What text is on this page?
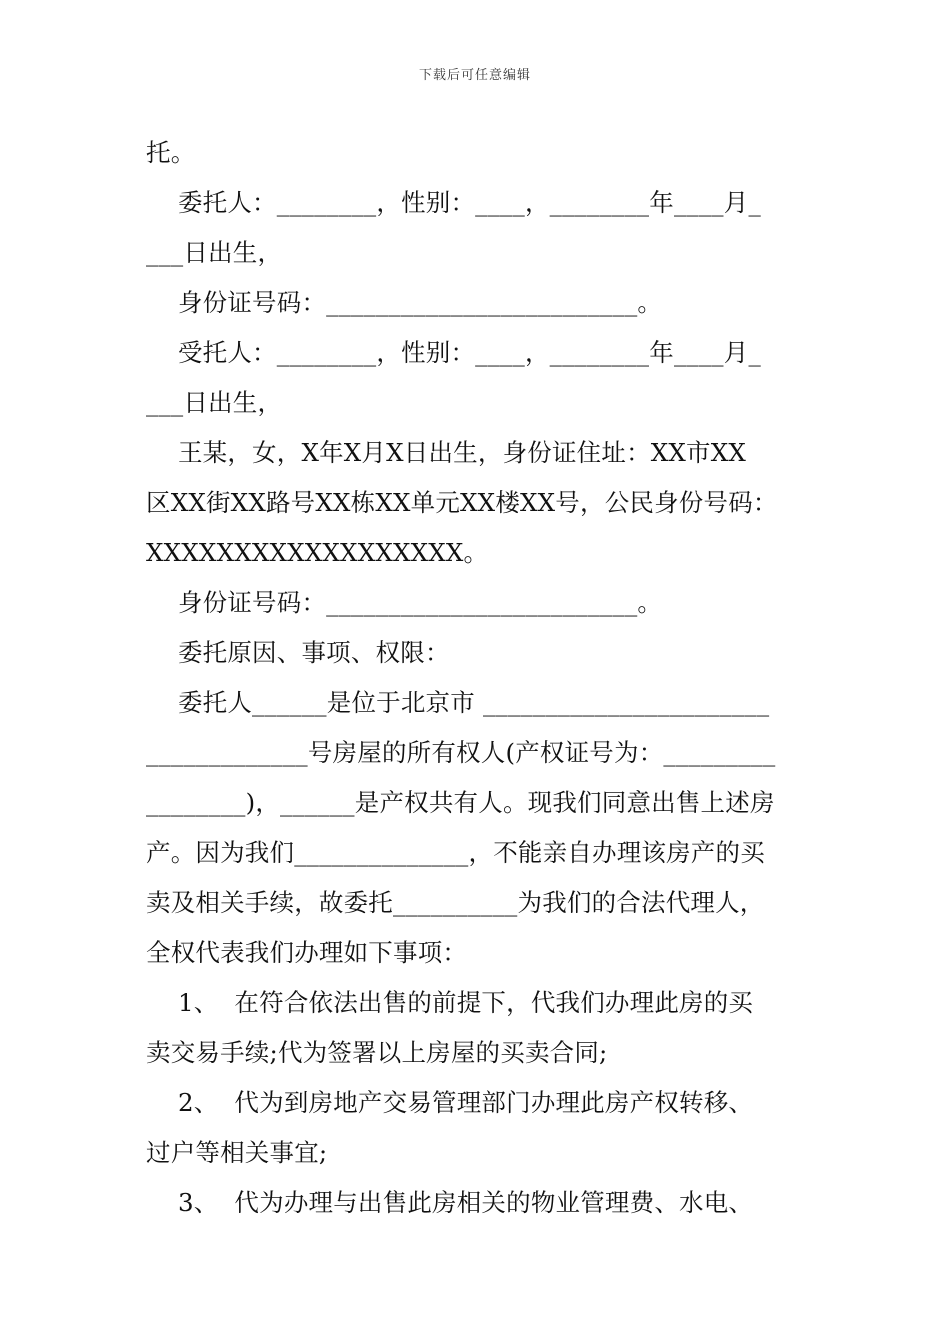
下载后可任意编辑
托。
委托人：________，性别：____，________年____月_
___日出生，
身份证号码：_________________________。
受托人：________，性别：____，________年____月_
___日出生，
王某，女，X年X月X日出生，身份证住址：XX市XX
区XX街XX路号XX栋XX单元XX楼XX号，公民身份号码：
XXXXXXXXXXXXXXXXXX。
身份证号码：_________________________。
委托原因、事项、权限：
委托人______是位于北京市 _______________________
_____________号房屋的所有权人(产权证号为：_________
________)，______是产权共有人。现我们同意出售上述房
产。因为我们______________，不能亲自办理该房产的买
卖及相关手续，故委托__________为我们的合法代理人，
全权代表我们办理如下事项：
1、  在符合依法出售的前提下，代我们办理此房的买
卖交易手续;代为签署以上房屋的买卖合同;
2、  代为到房地产交易管理部门办理此房产权转移、
过户等相关事宜;
3、  代为办理与出售此房相关的物业管理费、水电、
